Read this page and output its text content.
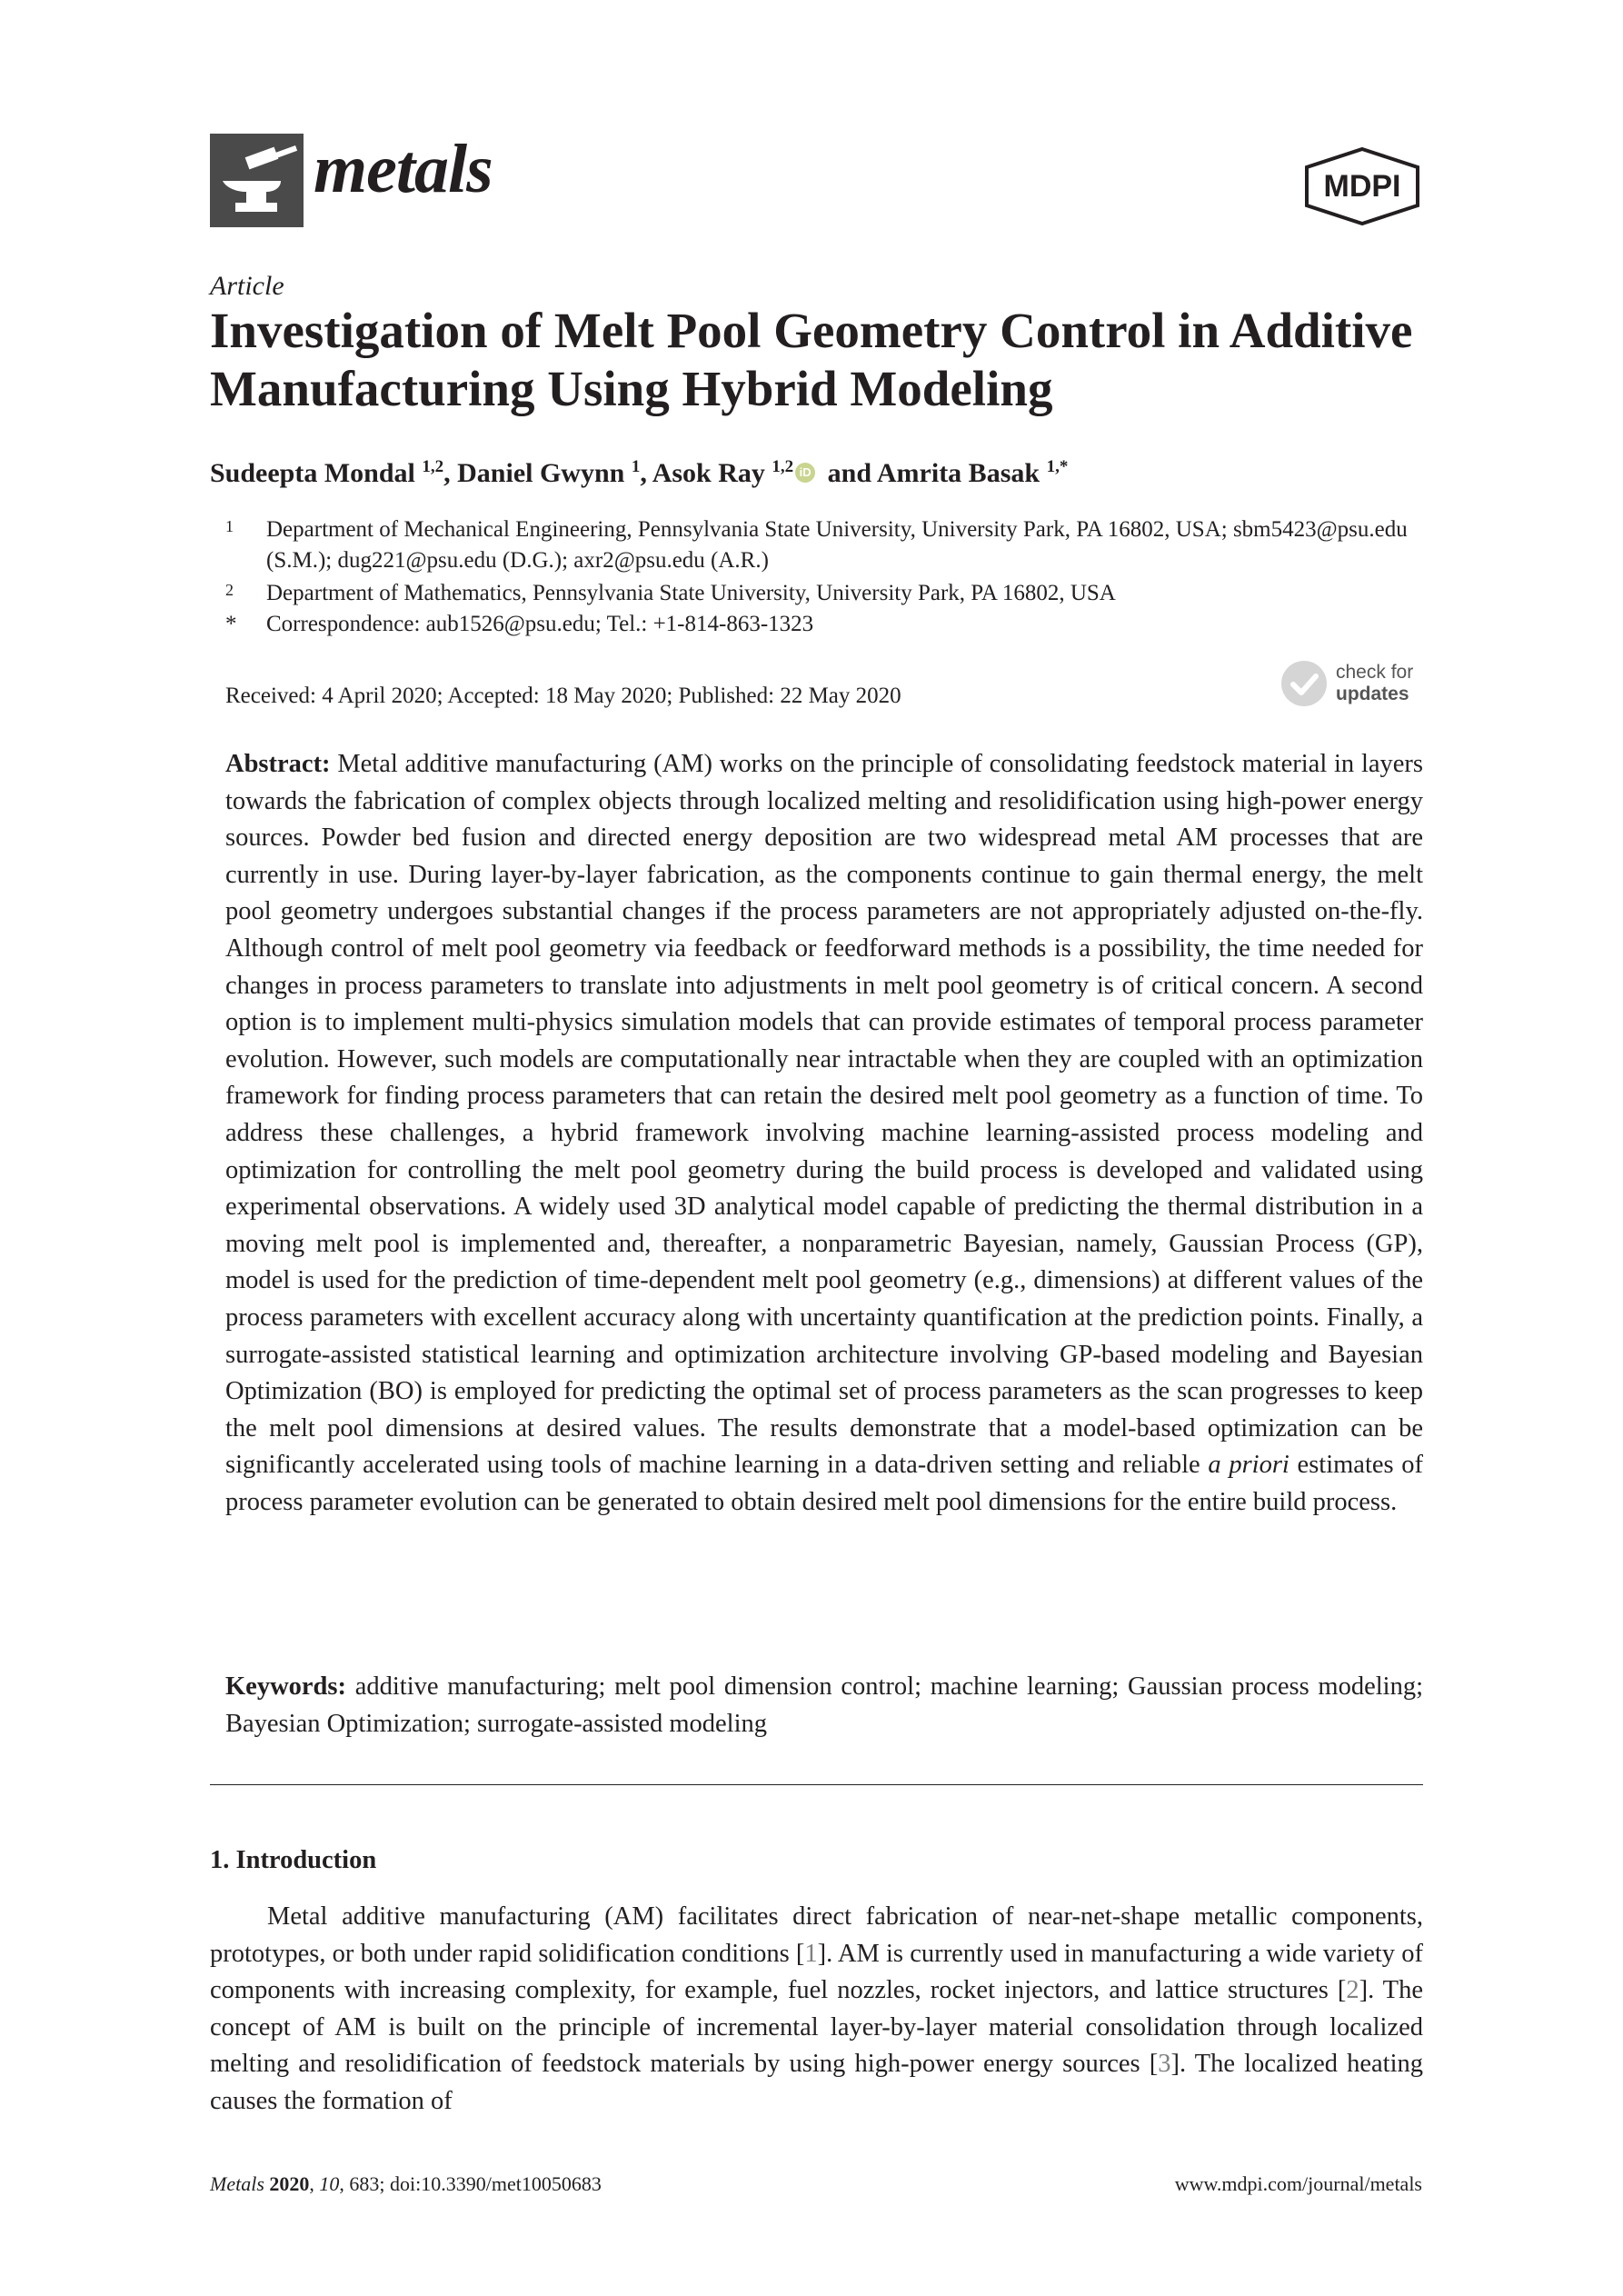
metals	MDPI
Article
Investigation of Melt Pool Geometry Control in Additive Manufacturing Using Hybrid Modeling
Sudeepta Mondal $^{1,2}$, Daniel Gwynn $^1$, Asok Ray $^{1,2}$ iD and Amrita Basak $^{1,*}$
1 Department of Mechanical Engineering, Pennsylvania State University, University Park, PA 16802, USA; sbm5423@psu.edu (S.M.); dug221@psu.edu (D.G.); axr2@psu.edu (A.R.)
2 Department of Mathematics, Pennsylvania State University, University Park, PA 16802, USA
* Correspondence: aub1526@psu.edu; Tel.: +1-814-863-1323
Received: 4 April 2020; Accepted: 18 May 2020; Published: 22 May 2020
check for
updates
Abstract: Metal additive manufacturing (AM) works on the principle of consolidating feedstock material in layers towards the fabrication of complex objects through localized melting and resolidification using high-power energy sources. Powder bed fusion and directed energy deposition are two widespread metal AM processes that are currently in use. During layer-by-layer fabrication, as the components continue to gain thermal energy, the melt pool geometry undergoes substantial changes if the process parameters are not appropriately adjusted on-the-fly. Although control of melt pool geometry via feedback or feedforward methods is a possibility, the time needed for changes in process parameters to translate into adjustments in melt pool geometry is of critical concern. A second option is to implement multi-physics simulation models that can provide estimates of temporal process parameter evolution. However, such models are computationally near intractable when they are coupled with an optimization framework for finding process parameters that can retain the desired melt pool geometry as a function of time. To address these challenges, a hybrid framework involving machine learning-assisted process modeling and optimization for controlling the melt pool geometry during the build process is developed and validated using experimental observations. A widely used 3D analytical model capable of predicting the thermal distribution in a moving melt pool is implemented and, thereafter, a nonparametric Bayesian, namely, Gaussian Process (GP), model is used for the prediction of time-dependent melt pool geometry (e.g., dimensions) at different values of the process parameters with excellent accuracy along with uncertainty quantification at the prediction points. Finally, a surrogate-assisted statistical learning and optimization architecture involving GP-based modeling and Bayesian Optimization (BO) is employed for predicting the optimal set of process parameters as the scan progresses to keep the melt pool dimensions at desired values. The results demonstrate that a model-based optimization can be significantly accelerated using tools of machine learning in a data-driven setting and reliable a priori estimates of process parameter evolution can be generated to obtain desired melt pool dimensions for the entire build process.
Keywords: additive manufacturing; melt pool dimension control; machine learning; Gaussian process modeling; Bayesian Optimization; surrogate-assisted modeling
1. Introduction
Metal additive manufacturing (AM) facilitates direct fabrication of near-net-shape metallic components, prototypes, or both under rapid solidification conditions [1]. AM is currently used in manufacturing a wide variety of components with increasing complexity, for example, fuel nozzles, rocket injectors, and lattice structures [2]. The concept of AM is built on the principle of incremental layer-by-layer material consolidation through localized melting and resolidification of feedstock materials by using high-power energy sources [3]. The localized heating causes the formation of
Metals 2020, 10, 683; doi:10.3390/met10050683	www.mdpi.com/journal/metals
